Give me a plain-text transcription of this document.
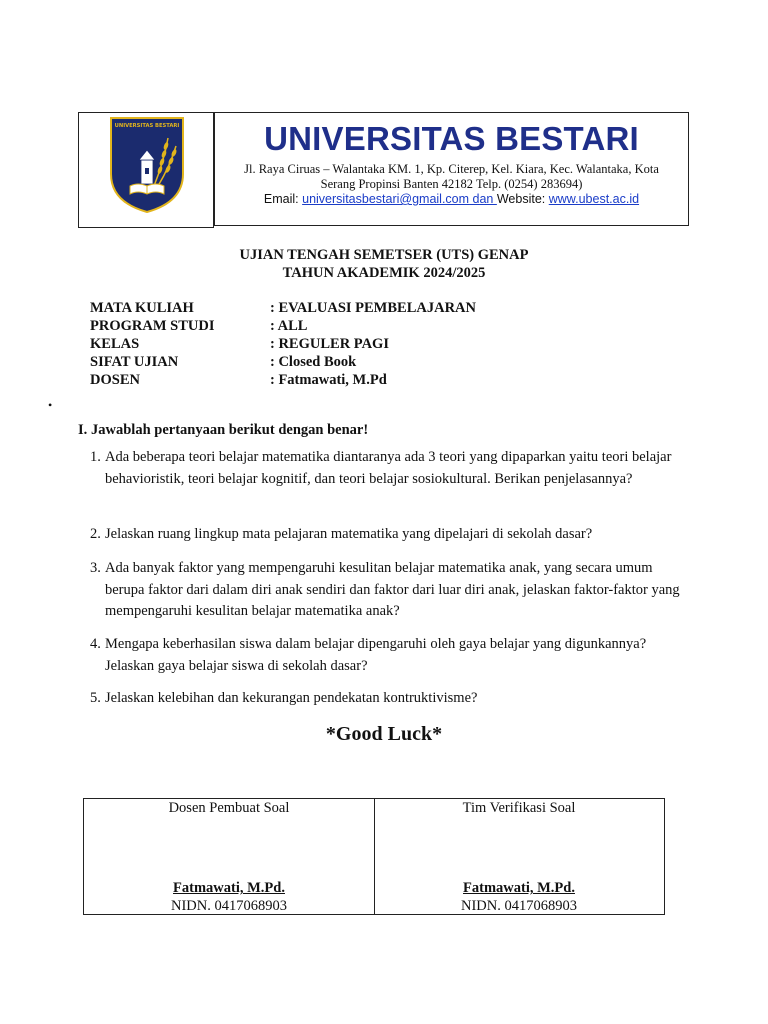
UNIVERSITAS BESTARI	UNIVERSITAS BESTARI
Jl. Raya Ciruas – Walantaka KM. 1, Kp. Citerep, Kel. Kiara, Kec. Walantaka, Kota
Serang Propinsi Banten 42182 Telp. (0254) 283694)
Email: universitasbestari@gmail.com dan Website: www.ubest.ac.id
UJIAN TENGAH SEMETSER (UTS) GENAP
TAHUN AKADEMIK 2024/2025
MATA KULIAH	: EVALUASI PEMBELAJARAN
PROGRAM STUDI	: ALL
KELAS	: REGULER PAGI
SIFAT UJIAN	: Closed Book
DOSEN	: Fatmawati, M.Pd
•
I. Jawablah pertanyaan berikut dengan benar!
1. Ada beberapa teori belajar matematika diantaranya ada 3 teori yang dipaparkan yaitu teori belajar behavioristik, teori belajar kognitif, dan teori belajar sosiokultural. Berikan penjelasannya?
2. Jelaskan ruang lingkup mata pelajaran matematika yang dipelajari di sekolah dasar?
3. Ada banyak faktor yang mempengaruhi kesulitan belajar matematika anak, yang secara umum berupa faktor dari dalam diri anak sendiri dan faktor dari luar diri anak, jelaskan faktor-faktor yang mempengaruhi kesulitan belajar matematika anak?
4. Mengapa keberhasilan siswa dalam belajar dipengaruhi oleh gaya belajar yang digunkannya? Jelaskan gaya belajar siswa di sekolah dasar?
5. Jelaskan kelebihan dan kekurangan pendekatan kontruktivisme?
*Good Luck*
Dosen Pembuat Soal
Fatmawati, M.Pd.
NIDN. 0417068903
Tim Verifikasi Soal
Fatmawati, M.Pd.
NIDN. 0417068903
